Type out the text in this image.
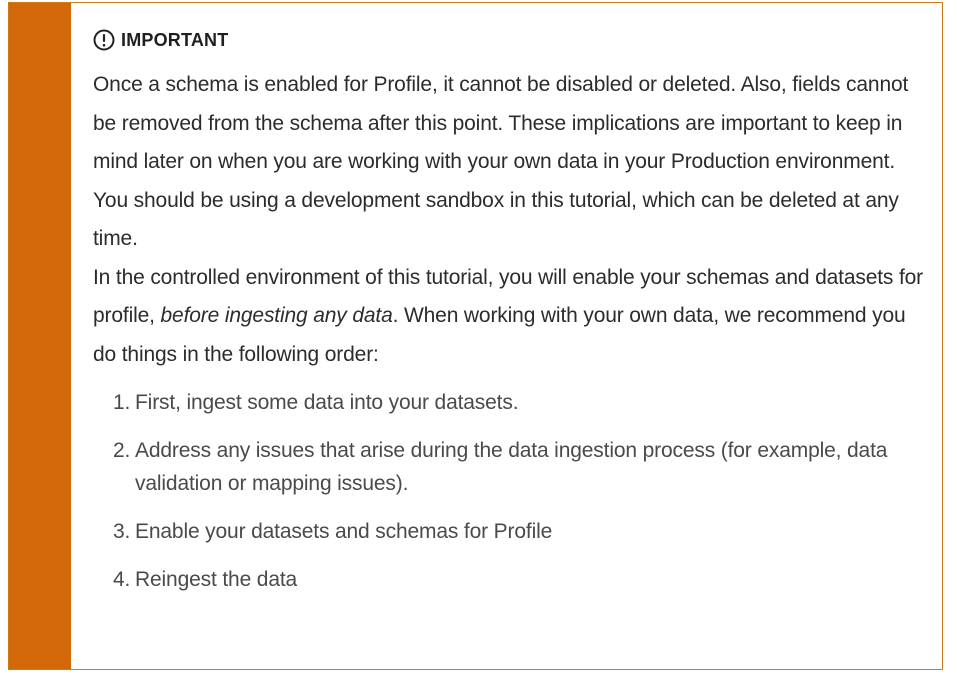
IMPORTANT

Once a schema is enabled for Profile, it cannot be disabled or deleted. Also, fields cannot be removed from the schema after this point. These implications are important to keep in mind later on when you are working with your own data in your Production environment. You should be using a development sandbox in this tutorial, which can be deleted at any time.

In the controlled environment of this tutorial, you will enable your schemas and datasets for profile, before ingesting any data. When working with your own data, we recommend you do things in the following order:

1. First, ingest some data into your datasets.
2. Address any issues that arise during the data ingestion process (for example, data validation or mapping issues).
3. Enable your datasets and schemas for Profile
4. Reingest the data
